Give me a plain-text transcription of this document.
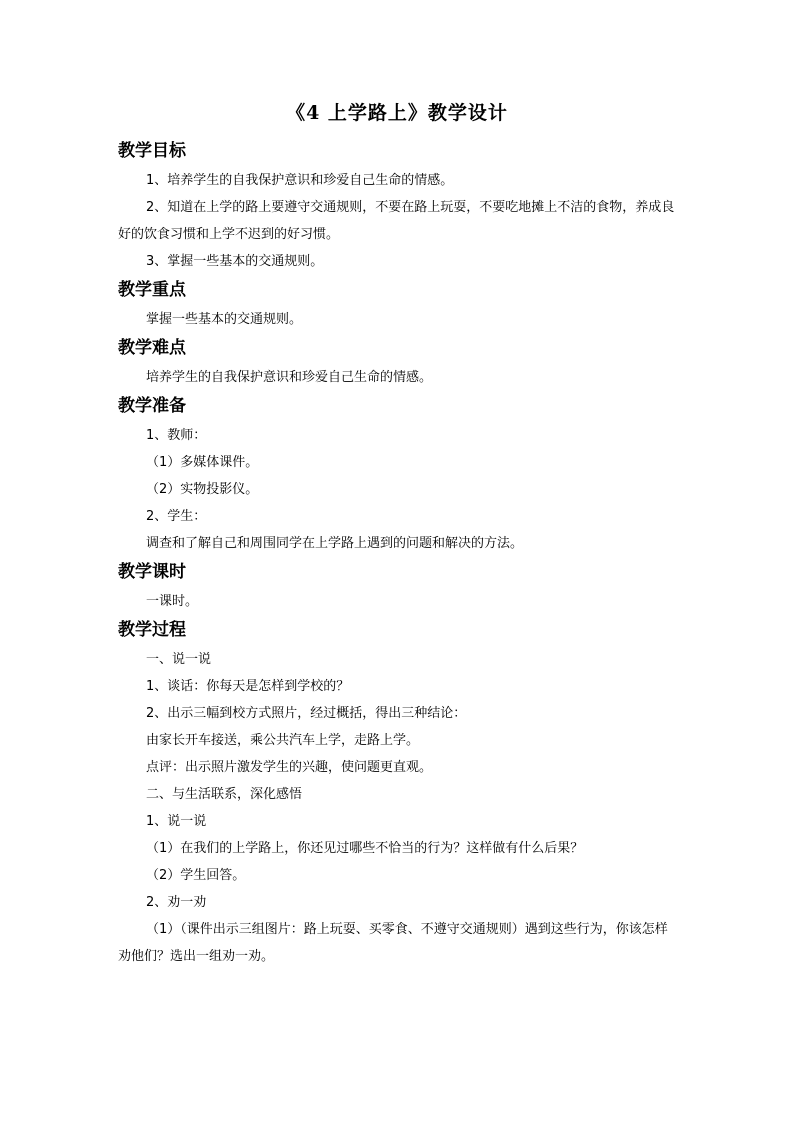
《4 上学路上》教学设计
教学目标
1、培养学生的自我保护意识和珍爱自己生命的情感。
2、知道在上学的路上要遵守交通规则，不要在路上玩耍，不要吃地摊上不洁的食物，养成良好的饮食习惯和上学不迟到的好习惯。
3、掌握一些基本的交通规则。
教学重点
掌握一些基本的交通规则。
教学难点
培养学生的自我保护意识和珍爱自己生命的情感。
教学准备
1、教师：
（1）多媒体课件。
（2）实物投影仪。
2、学生：
调查和了解自己和周围同学在上学路上遇到的问题和解决的方法。
教学课时
一课时。
教学过程
一、说一说
1、谈话：你每天是怎样到学校的？
2、出示三幅到校方式照片，经过概括，得出三种结论：
由家长开车接送，乘公共汽车上学，走路上学。
点评：出示照片激发学生的兴趣，使问题更直观。
二、与生活联系，深化感悟
1、说一说
（1）在我们的上学路上，你还见过哪些不恰当的行为？这样做有什么后果？
（2）学生回答。
2、劝一劝
（1）（课件出示三组图片：路上玩耍、买零食、不遵守交通规则）遇到这些行为，你该怎样劝他们？选出一组劝一劝。
